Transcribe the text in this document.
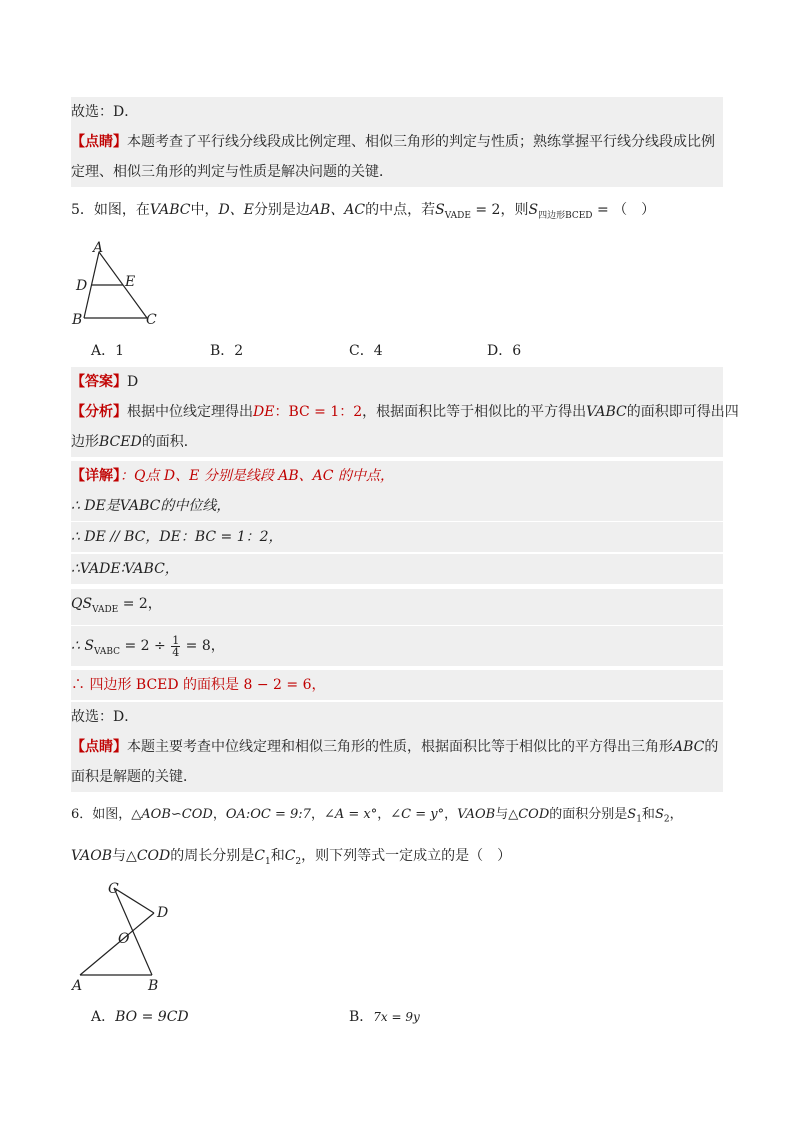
故选：D．
【点睛】本题考查了平行线分线段成比例定理、相似三角形的判定与性质；熟练掌握平行线分线段成比例
定理、相似三角形的判定与性质是解决问题的关键．
5．如图，在VABC中，D、E分别是边AB、AC的中点，若$S_{VADE} = 2$，则$S_{四边形BCED}$ = （　）
A
D	E
B	C
A．1	B．2	C．4	D．6
【答案】D
【分析】根据中位线定理得出DE：BC = 1：2，根据面积比等于相似比的平方得出VABC的面积即可得出四
边形BCED的面积．
【详解】：Q点 D、E 分别是线段 AB、AC 的中点，
∴ DE是VABC的中位线，
∴ DE // BC，DE：BC = 1：2，
∴VADE∶VABC，
$QS_{VADE} = 2$，
∴ $S_{VABC} = 2 \div \frac{1}{4} = 8$，
∴ 四边形 BCED 的面积是 8 − 2 = 6，
故选：D．
【点睛】本题主要考查中位线定理和相似三角形的性质，根据面积比等于相似比的平方得出三角形ABC的
面积是解题的关键．
6．如图，△AOB∽COD，OA:OC = 9:7，∠A = x°，∠C = y°，VAOB与△COD的面积分别是$S_1$和$S_2$，
VAOB与△COD的周长分别是$C_1$和$C_2$，则下列等式一定成立的是（　）
C
D
O
A	B
A．BO = 9CD	B．7x = 9y
